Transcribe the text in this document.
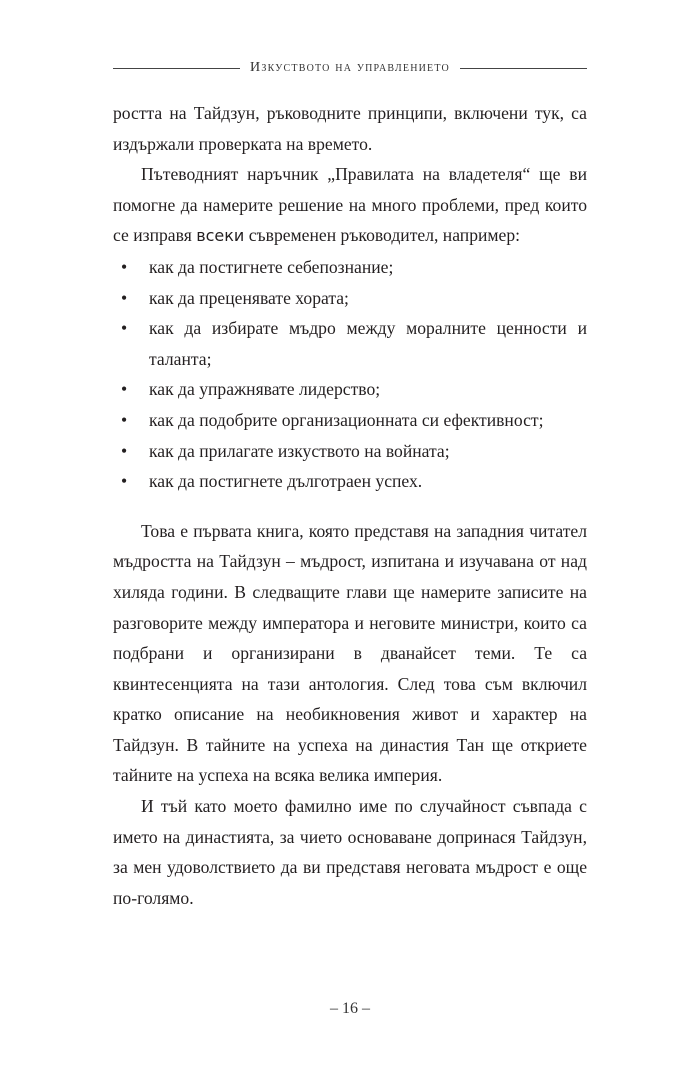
Изкуството на управлението

ростта на Тайдзун, ръководните принципи, включени тук, са издържали проверката на времето.

Пътеводният наръчник „Правилата на владетеля“ ще ви помогне да намерите решение на много проблеми, пред които се изправя всеки съвременен ръководител, например:

• как да постигнете себепознание;
• как да преценявате хората;
• как да избирате мъдро между моралните ценности и таланта;
• как да упражнявате лидерство;
• как да подобрите организационната си ефективност;
• как да прилагате изкуството на войната;
• как да постигнете дълготраен успех.

Това е първата книга, която представя на западния читател мъдростта на Тайдзун – мъдрост, изпитана и изучавана от над хиляда години. В следващите глави ще намерите записите на разговорите между императора и неговите министри, които са подбрани и организирани в дванайсет теми. Те са квинтесенцията на тази антология. След това съм включил кратко описание на необикновения живот и характер на Тайдзун. В тайните на успеха на династия Тан ще откриете тайните на успеха на всяка велика империя.

И тъй като моето фамилно име по случайност съвпада с името на династията, за чието основаване допринася Тайдзун, за мен удоволствието да ви представя неговата мъдрост е още по-голямо.

– 16 –
